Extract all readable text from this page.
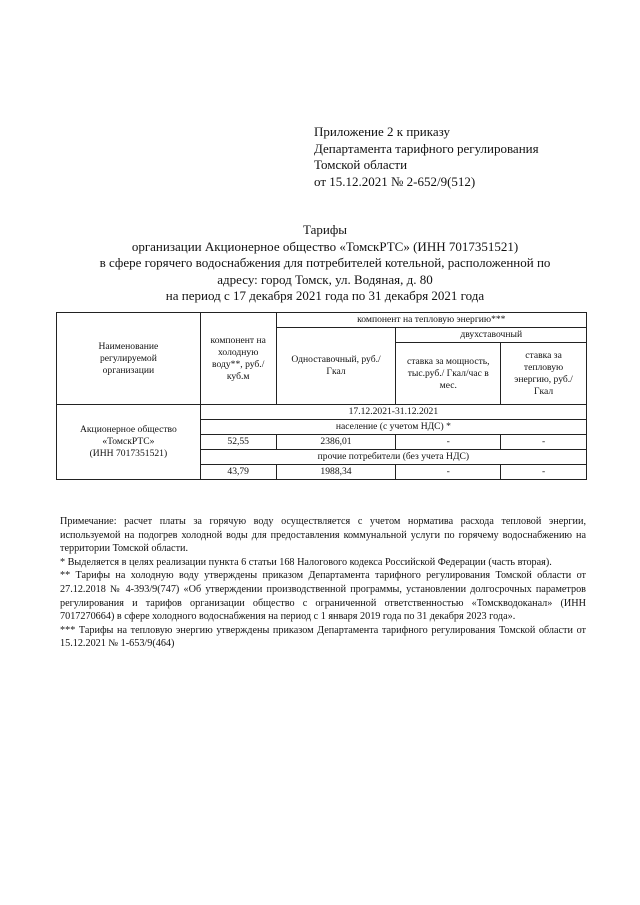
Приложение 2 к приказу
Департамента тарифного регулирования
Томской области
от 15.12.2021 № 2-652/9(512)
Тарифы
организации Акционерное общество «ТомскРТС» (ИНН 7017351521)
в сфере горячего водоснабжения для потребителей котельной, расположенной по
адресу: город Томск, ул. Водяная, д. 80
на период с 17 декабря 2021 года по 31 декабря 2021 года
Наименование регулируемой организации	компонент на холодную воду**, руб./куб.м	компонент на тепловую энергию***		
		Одноставочный, руб./Гкал	двухставочный	
			ставка за мощность, тыс.руб./ Гкал/час в мес.	ставка за тепловую энергию, руб./Гкал

Акционерное общество
«ТомскРТС»
(ИНН 7017351521)	17.12.2021-31.12.2021			
	население (с учетом НДС) *			
	52,55	2386,01	-	-
	прочие потребители (без учета НДС)			
	43,79	1988,34	-	-

Примечание: расчет платы за горячую воду осуществляется с учетом норматива расхода тепловой энергии, используемой на подогрев холодной воды для предоставления коммунальной услуги по горячему водоснабжению на территории Томской области.

* Выделяется в целях реализации пункта 6 статьи 168 Налогового кодекса Российской Федерации (часть вторая).

** Тарифы на холодную воду утверждены приказом Департамента тарифного регулирования Томской области от 27.12.2018 № 4-393/9(747) «Об утверждении производственной программы, установлении долгосрочных параметров регулирования и тарифов организации общество с ограниченной ответственностью «Томскводоканал» (ИНН 7017270664) в сфере холодного водоснабжения на период с 1 января 2019 года по 31 декабря 2023 года».

*** Тарифы на тепловую энергию утверждены приказом Департамента тарифного регулирования Томской области от 15.12.2021 № 1-653/9(464)
